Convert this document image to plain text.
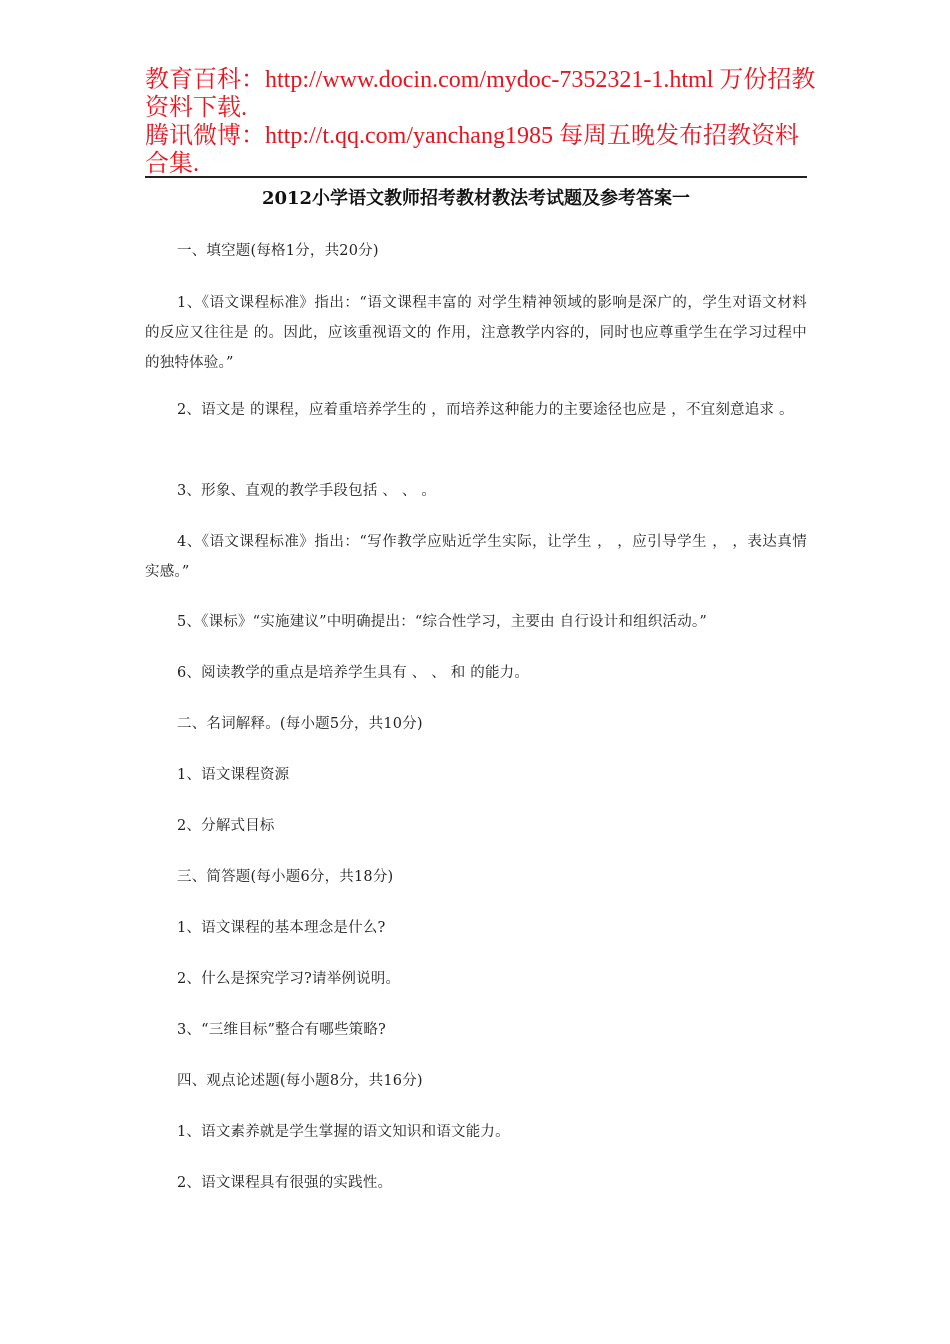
教育百科：http://www.docin.com/mydoc-7352321-1.html 万份招教
资料下载.
腾讯微博：http://t.qq.com/yanchang1985 每周五晚发布招教资料
合集.
2012小学语文教师招考教材教法考试题及参考答案一

一、填空题(每格1分，共20分)

1、《语文课程标准》指出：“语文课程丰富的 对学生精神领域的影响是深广的，学生对语文材料的反应又往往是 的。因此，应该重视语文的 作用，注意教学内容的，同时也应尊重学生在学习过程中的独特体验。”

2、语文是 的课程，应着重培养学生的 ，而培养这种能力的主要途径也应是 ，不宜刻意追求 。

3、形象、直观的教学手段包括 、 、 。

4、《语文课程标准》指出：“写作教学应贴近学生实际，让学生 ， ，应引导学生 ， ，表达真情实感。”

5、《课标》“实施建议”中明确提出：“综合性学习，主要由 自行设计和组织活动。”

6、阅读教学的重点是培养学生具有 、 、 和 的能力。

二、名词解释。(每小题5分，共10分)

1、语文课程资源

2、分解式目标

三、简答题(每小题6分，共18分)

1、语文课程的基本理念是什么?

2、什么是探究学习?请举例说明。

3、“三维目标”整合有哪些策略?

四、观点论述题(每小题8分，共16分)

1、语文素养就是学生掌握的语文知识和语文能力。

2、语文课程具有很强的实践性。
